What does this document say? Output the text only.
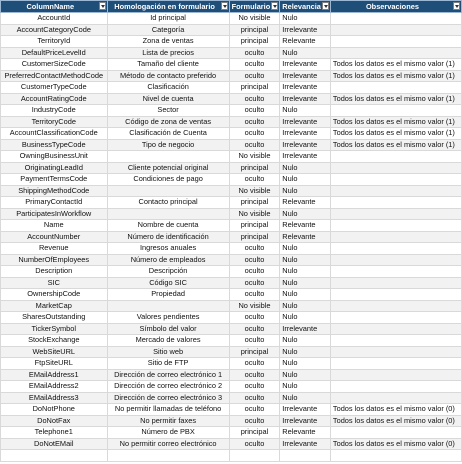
ColumnName	Homologación en formulario	Formulario	Relevancia	Observaciones

AccountId	Id principal	No visible	Nulo	
AccountCategoryCode	Categoría	principal	Irrelevante	
TerritoryId	Zona de ventas	principal	Relevante	
DefaultPriceLevelId	Lista de precios	oculto	Nulo	
CustomerSizeCode	Tamaño del cliente	oculto	Irrelevante	Todos los datos es el mismo valor (1)
PreferredContactMethodCode	Método de contacto preferido	oculto	Irrelevante	Todos los datos es el mismo valor (1)
CustomerTypeCode	Clasificación	principal	Irrelevante	
AccountRatingCode	Nivel de cuenta	oculto	Irrelevante	Todos los datos es el mismo valor (1)
IndustryCode	Sector	oculto	Nulo	
TerritoryCode	Código de zona de ventas	oculto	Irrelevante	Todos los datos es el mismo valor (1)
AccountClassificationCode	Clasificación de Cuenta	oculto	Irrelevante	Todos los datos es el mismo valor (1)
BusinessTypeCode	Tipo de negocio	oculto	Irrelevante	Todos los datos es el mismo valor (1)
OwningBusinessUnit		No visible	Irrelevante	
OriginatingLeadId	Cliente potencial original	principal	Nulo	
PaymentTermsCode	Condiciones de pago	oculto	Nulo	
ShippingMethodCode		No visible	Nulo	
PrimaryContactId	Contacto principal	principal	Relevante	
ParticipatesInWorkflow		No visible	Nulo	
Name	Nombre de cuenta	principal	Relevante	
AccountNumber	Número de identificación	principal	Relevante	
Revenue	Ingresos anuales	oculto	Nulo	
NumberOfEmployees	Número de empleados	oculto	Nulo	
Description	Descripción	oculto	Nulo	
SIC	Código SIC	oculto	Nulo	
OwnershipCode	Propiedad	oculto	Nulo	
MarketCap		No visible	Nulo	
SharesOutstanding	Valores pendientes	oculto	Nulo	
TickerSymbol	Símbolo del valor	oculto	Irrelevante	
StockExchange	Mercado de valores	oculto	Nulo	
WebSiteURL	Sitio web	principal	Nulo	
FtpSiteURL	Sitio de FTP	oculto	Nulo	
EMailAddress1	Dirección de correo electrónico 1	oculto	Nulo	
EMailAddress2	Dirección de correo electrónico 2	oculto	Nulo	
EMailAddress3	Dirección de correo electrónico 3	oculto	Nulo	
DoNotPhone	No permitir llamadas de teléfono	oculto	Irrelevante	Todos los datos es el mismo valor (0)
DoNotFax	No permitir faxes	oculto	Irrelevante	Todos los datos es el mismo valor (0)
Telephone1	Número de PBX	principal	Relevante	
DoNotEMail	No permitir correo electrónico	oculto	Irrelevante	Todos los datos es el mismo valor (0)
